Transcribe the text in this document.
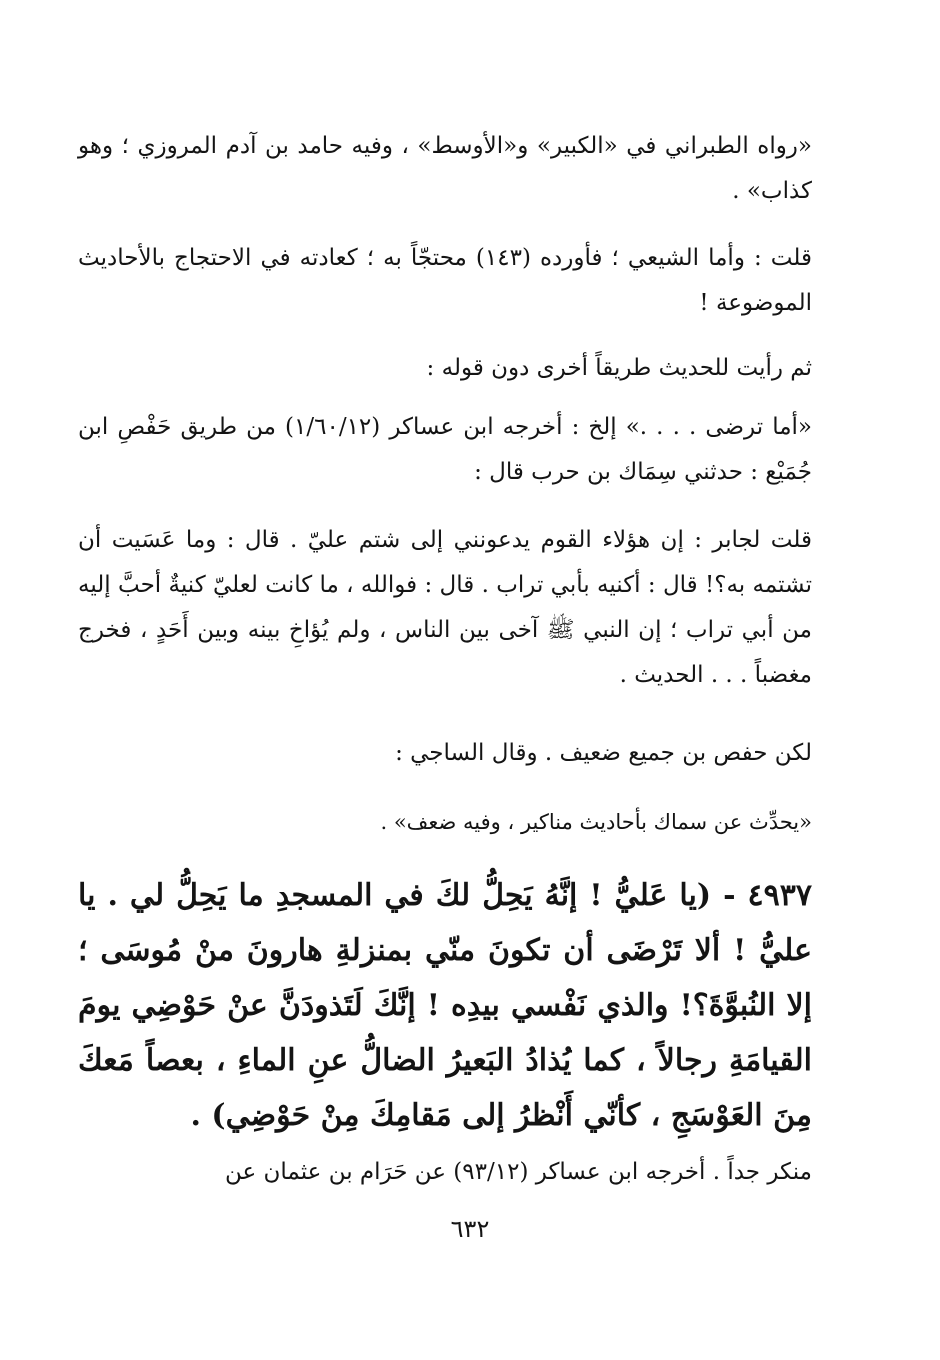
«رواه الطبراني في «الكبير» و«الأوسط» ، وفيه حامد بن آدم المروزي ؛ وهو كذاب» .

قلت : وأما الشيعي ؛ فأورده (١٤٣) محتجّاً به ؛ كعادته في الاحتجاج بالأحاديث الموضوعة !

ثم رأيت للحديث طريقاً أخرى دون قوله :

«أما ترضى . . . .» إلخ : أخرجه ابن عساكر (١/٦٠/١٢) من طريق حَفْصِ ابن جُمَيْع : حدثني سِمَاك بن حرب قال :

قلت لجابر : إن هؤلاء القوم يدعونني إلى شتم عليّ . قال : وما عَسَيت أن تشتمه به؟! قال : أكنيه بأبي تراب . قال : فوالله ، ما كانت لعليّ كنيةٌ أحبَّ إليه من أبي تراب ؛ إن النبي ﷺ آخى بين الناس ، ولم يُؤاخِ بينه وبين أَحَدٍ ، فخرج مغضباً . . . الحديث .

لكن حفص بن جميع ضعيف . وقال الساجي :

«يحدِّث عن سماك بأحاديث مناكير ، وفيه ضعف» .

٤٩٣٧ - (يا عَليُّ ! إنَّهُ يَحِلُّ لكَ في المسجدِ ما يَحِلُّ لي . يا عليُّ ! ألا تَرْضَى أن تكونَ منّي بمنزلةِ هارونَ منْ مُوسَى ؛ إلا النُبوَّةَ؟! والذي نَفْسي بيدِه ! إنَّكَ لَتَذودَنَّ عنْ حَوْضِي يومَ القيامَةِ رجالاً ، كما يُذادُ البَعيرُ الضالُّ عنِ الماءِ ، بعصاً مَعكَ مِنَ العَوْسَجِ ، كأنّي أَنْظرُ إلى مَقامِكَ مِنْ حَوْضِي) .

منكر جداً . أخرجه ابن عساكر (٩٣/١٢) عن حَرَام بن عثمان عن

٦٣٢
